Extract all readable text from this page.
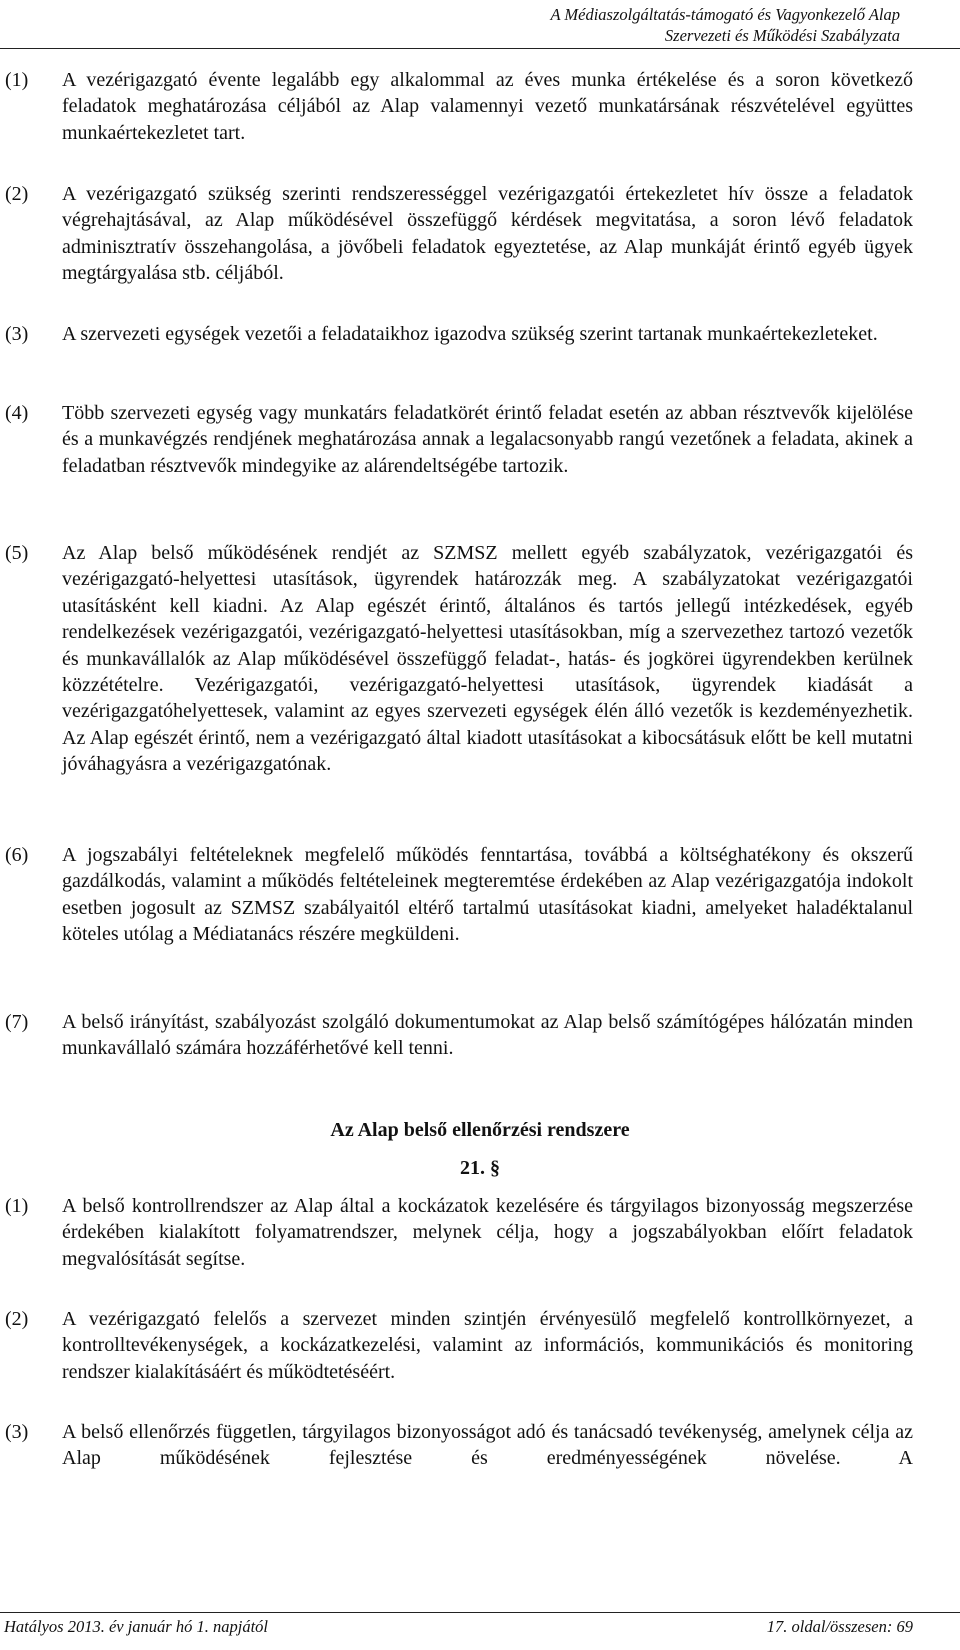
A Médiaszolgáltatás-támogató és Vagyonkezelő Alap
Szervezeti és Működési Szabályzata
(1)	A vezérigazgató évente legalább egy alkalommal az éves munka értékelése és a soron következő feladatok meghatározása céljából az Alap valamennyi vezető munkatársának részvételével együttes munkaértekezletet tart.
(2)	A vezérigazgató szükség szerinti rendszerességgel vezérigazgatói értekezletet hív össze a feladatok végrehajtásával, az Alap működésével összefüggő kérdések megvitatása, a soron lévő feladatok adminisztratív összehangolása, a jövőbeli feladatok egyeztetése, az Alap munkáját érintő egyéb ügyek megtárgyalása stb. céljából.
(3)	A szervezeti egységek vezetői a feladataikhoz igazodva szükség szerint tartanak munkaértekezleteket.
(4)	Több szervezeti egység vagy munkatárs feladatkörét érintő feladat esetén az abban résztvevők kijelölése és a munkavégzés rendjének meghatározása annak a legalacsonyabb rangú vezetőnek a feladata, akinek a feladatban résztvevők mindegyike az alárendeltségébe tartozik.
(5)	Az Alap belső működésének rendjét az SZMSZ mellett egyéb szabályzatok, vezérigazgatói és vezérigazgató-helyettesi utasítások, ügyrendek határozzák meg. A szabályzatokat vezérigazgatói utasításként kell kiadni. Az Alap egészét érintő, általános és tartós jellegű intézkedések, egyéb rendelkezések vezérigazgatói, vezérigazgató-helyettesi utasításokban, míg a szervezethez tartozó vezetők és munkavállalók az Alap működésével összefüggő feladat-, hatás- és jogkörei ügyrendekben kerülnek közzétételre. Vezérigazgatói, vezérigazgató-helyettesi utasítások, ügyrendek kiadását a vezérigazgatóhelyettesek, valamint az egyes szervezeti egységek élén álló vezetők is kezdeményezhetik. Az Alap egészét érintő, nem a vezérigazgató által kiadott utasításokat a kibocsátásuk előtt be kell mutatni jóváhagyásra a vezérigazgatónak.
(6)	A jogszabályi feltételeknek megfelelő működés fenntartása, továbbá a költséghatékony és okszerű gazdálkodás, valamint a működés feltételeinek megteremtése érdekében az Alap vezérigazgatója indokolt esetben jogosult az SZMSZ szabályaitól eltérő tartalmú utasításokat kiadni, amelyeket haladéktalanul köteles utólag a Médiatanács részére megküldeni.
(7)	A belső irányítást, szabályozást szolgáló dokumentumokat az Alap belső számítógépes hálózatán minden munkavállaló számára hozzáférhetővé kell tenni.
Az Alap belső ellenőrzési rendszere
21. §
(1)	A belső kontrollrendszer az Alap által a kockázatok kezelésére és tárgyilagos bizonyosság megszerzése érdekében kialakított folyamatrendszer, melynek célja, hogy a jogszabályokban előírt feladatok megvalósítását segítse.
(2)	A vezérigazgató felelős a szervezet minden szintjén érvényesülő megfelelő kontrollkörnyezet, a kontrolltevékenységek, a kockázatkezelési, valamint az információs, kommunikációs és monitoring rendszer kialakításáért és működtetéséért.
(3)	A belső ellenőrzés független, tárgyilagos bizonyosságot adó és tanácsadó tevékenység, amelynek célja az Alap működésének fejlesztése és eredményességének növelése. A
Hatályos 2013. év január hó 1. napjától	17. oldal/összesen: 69
